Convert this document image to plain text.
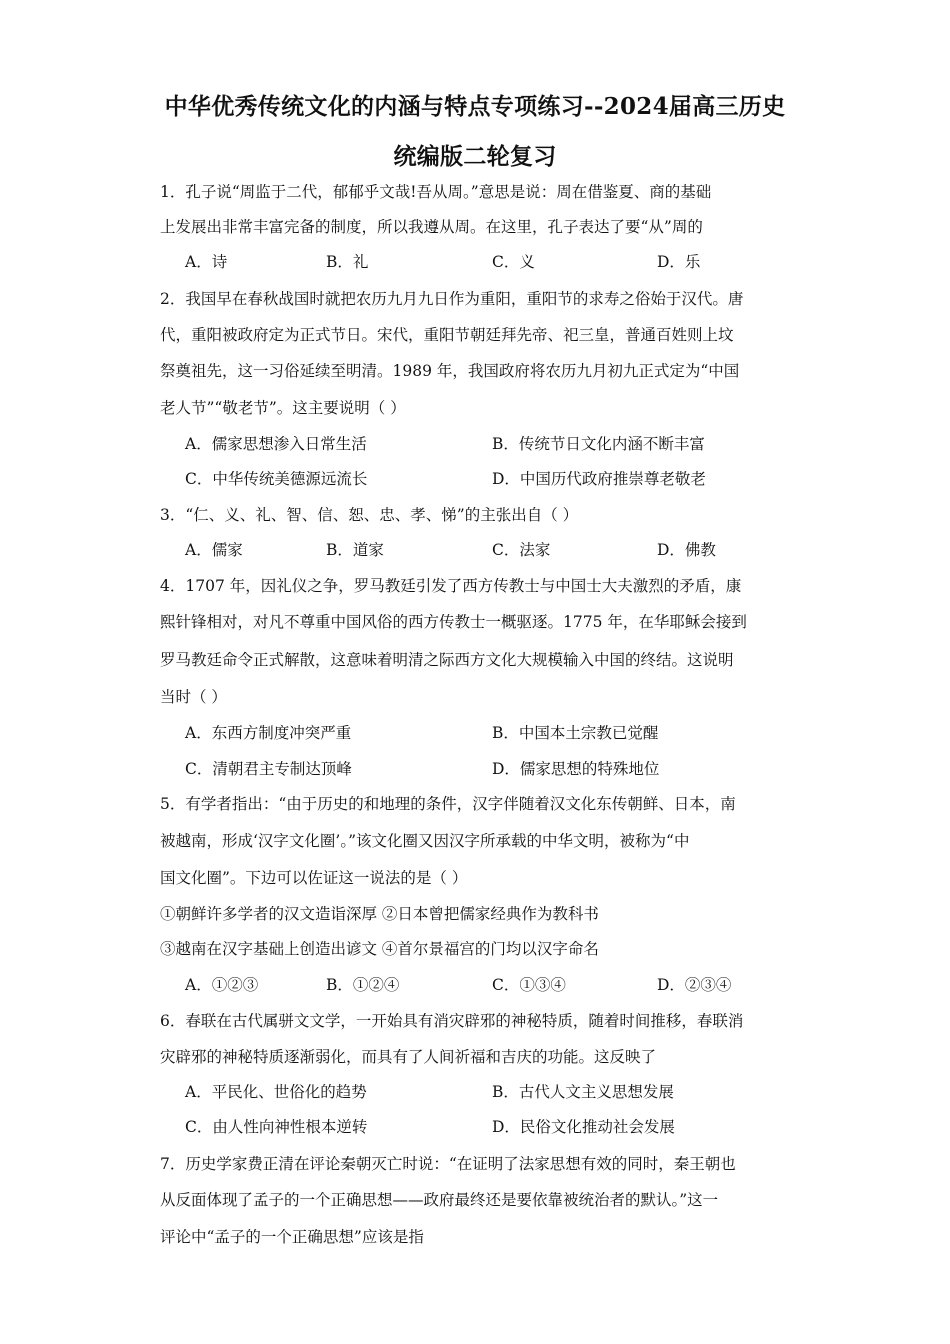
中华优秀传统文化的内涵与特点专项练习--2024届高三历史
统编版二轮复习
1．孔子说“周监于二代，郁郁乎文哉!吾从周。”意思是说：周在借鉴夏、商的基础
上发展出非常丰富完备的制度，所以我遵从周。在这里，孔子表达了要“从”周的
A．诗	B．礼	C．义	D．乐
2．我国早在春秋战国时就把农历九月九日作为重阳，重阳节的求寿之俗始于汉代。唐
代，重阳被政府定为正式节日。宋代，重阳节朝廷拜先帝、祀三皇，普通百姓则上坟
祭奠祖先，这一习俗延续至明清。1989 年，我国政府将农历九月初九正式定为“中国
老人节”“敬老节”。这主要说明（ ）
A．儒家思想渗入日常生活	B．传统节日文化内涵不断丰富
C．中华传统美德源远流长	D．中国历代政府推崇尊老敬老
3．“仁、义、礼、智、信、恕、忠、孝、悌”的主张出自（ ）
A．儒家	B．道家	C．法家	D．佛教
4．1707 年，因礼仪之争，罗马教廷引发了西方传教士与中国士大夫激烈的矛盾，康
熙针锋相对，对凡不尊重中国风俗的西方传教士一概驱逐。1775 年，在华耶稣会接到
罗马教廷命令正式解散，这意味着明清之际西方文化大规模输入中国的终结。这说明
当时（ ）
A．东西方制度冲突严重	B．中国本土宗教已觉醒
C．清朝君主专制达顶峰	D．儒家思想的特殊地位
5．有学者指出：“由于历史的和地理的条件，汉字伴随着汉文化东传朝鲜、日本，南
被越南，形成‘汉字文化圈’。”该文化圈又因汉字所承载的中华文明，被称为“中
国文化圈”。下边可以佐证这一说法的是（ ）
①朝鲜许多学者的汉文造诣深厚 ②日本曾把儒家经典作为教科书
③越南在汉字基础上创造出谚文 ④首尔景福宫的门均以汉字命名
A．①②③	B．①②④	C．①③④	D．②③④
6．春联在古代属骈文文学，一开始具有消灾辟邪的神秘特质，随着时间推移，春联消
灾辟邪的神秘特质逐渐弱化，而具有了人间祈福和吉庆的功能。这反映了
A．平民化、世俗化的趋势	B．古代人文主义思想发展
C．由人性向神性根本逆转	D．民俗文化推动社会发展
7．历史学家费正清在评论秦朝灭亡时说：“在证明了法家思想有效的同时，秦王朝也
从反面体现了孟子的一个正确思想——政府最终还是要依靠被统治者的默认。”这一
评论中“孟子的一个正确思想”应该是指
